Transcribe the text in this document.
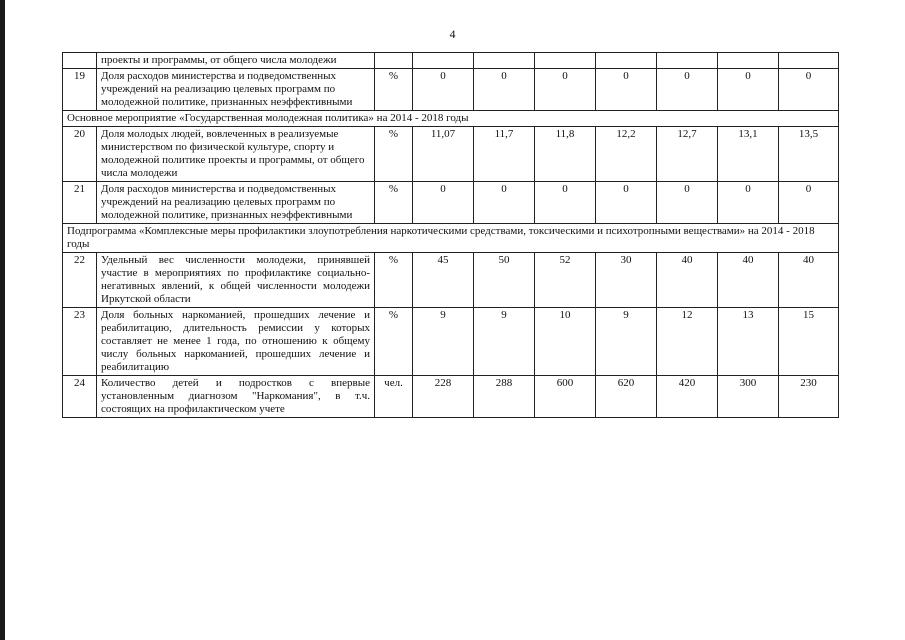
4
	проекты и программы, от общего числа молодежи								
19	Доля расходов министерства и подведомственных учреждений на реализацию целевых программ по молодежной политике, признанных неэффективными	%	0	0	0	0	0	0	0
Основное мероприятие «Государственная молодежная политика» на 2014 - 2018 годы									
20	Доля молодых людей, вовлеченных в реализуемые министерством по физической культуре, спорту и молодежной политике проекты и программы, от общего числа молодежи	%	11,07	11,7	11,8	12,2	12,7	13,1	13,5
21	Доля расходов министерства и подведомственных учреждений на реализацию целевых программ по молодежной политике, признанных неэффективными	%	0	0	0	0	0	0	0
Подпрограмма «Комплексные меры профилактики злоупотребления наркотическими средствами, токсическими и психотропными веществами» на 2014 - 2018 годы									
22	Удельный вес численности молодежи, принявшей участие в мероприятиях по профилактике социально-негативных явлений, к общей численности молодежи Иркутской области	%	45	50	52	30	40	40	40
23	Доля больных наркоманией, прошедших лечение и реабилитацию, длительность ремиссии у которых составляет не менее 1 года, по отношению к общему числу больных наркоманией, прошедших лечение и реабилитацию	%	9	9	10	9	12	13	15
24	Количество детей и подростков с впервые установленным диагнозом "Наркомания", в т.ч. состоящих на профилактическом учете	чел.	228	288	600	620	420	300	230
